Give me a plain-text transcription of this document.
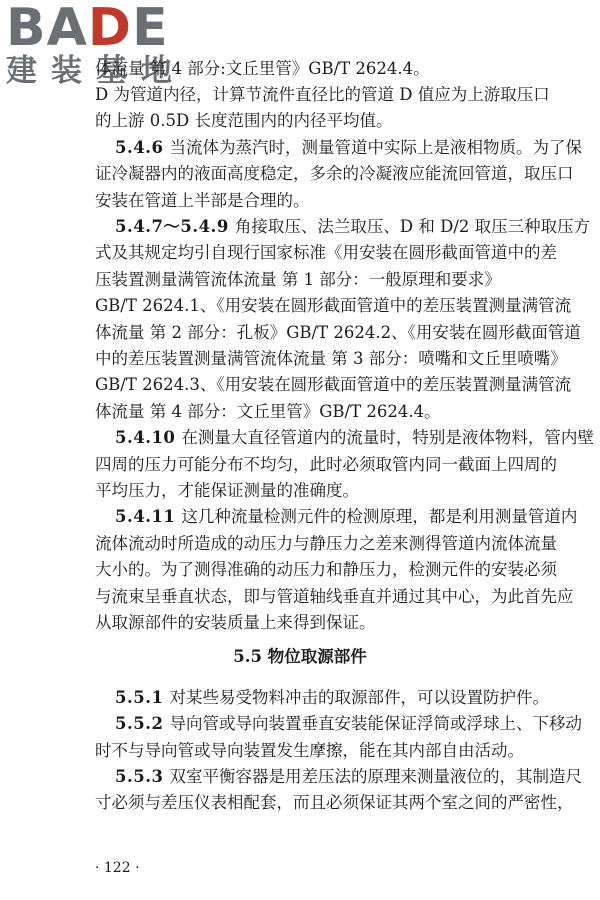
BADE
建装基地
体流量 第 4 部分:文丘里管》GB/T 2624.4。
D 为管道内径，计算节流件直径比的管道 D 值应为上游取压口
的上游 0.5D 长度范围内的内径平均值。
5.4.6 当流体为蒸汽时，测量管道中实际上是液相物质。为了保
证冷凝器内的液面高度稳定，多余的冷凝液应能流回管道，取压口
安装在管道上半部是合理的。
5.4.7～5.4.9 角接取压、法兰取压、D 和 D/2 取压三种取压方
式及其规定均引自现行国家标准《用安装在圆形截面管道中的差
压装置测量满管流体流量 第 1 部分：一般原理和要求》
GB/T 2624.1、《用安装在圆形截面管道中的差压装置测量满管流
体流量 第 2 部分：孔板》GB/T 2624.2、《用安装在圆形截面管道
中的差压装置测量满管流体流量 第 3 部分：喷嘴和文丘里喷嘴》
GB/T 2624.3、《用安装在圆形截面管道中的差压装置测量满管流
体流量 第 4 部分：文丘里管》GB/T 2624.4。
5.4.10 在测量大直径管道内的流量时，特别是液体物料，管内壁
四周的压力可能分布不均匀，此时必须取管内同一截面上四周的
平均压力，才能保证测量的准确度。
5.4.11 这几种流量检测元件的检测原理，都是利用测量管道内
流体流动时所造成的动压力与静压力之差来测得管道内流体流量
大小的。为了测得准确的动压力和静压力，检测元件的安装必须
与流束呈垂直状态，即与管道轴线垂直并通过其中心，为此首先应
从取源部件的安装质量上来得到保证。
5.5 物位取源部件
5.5.1 对某些易受物料冲击的取源部件，可以设置防护件。
5.5.2 导向管或导向装置垂直安装能保证浮筒或浮球上、下移动
时不与导向管或导向装置发生摩擦，能在其内部自由活动。
5.5.3 双室平衡容器是用差压法的原理来测量液位的，其制造尺
寸必须与差压仪表相配套，而且必须保证其两个室之间的严密性，
· 122 ·
